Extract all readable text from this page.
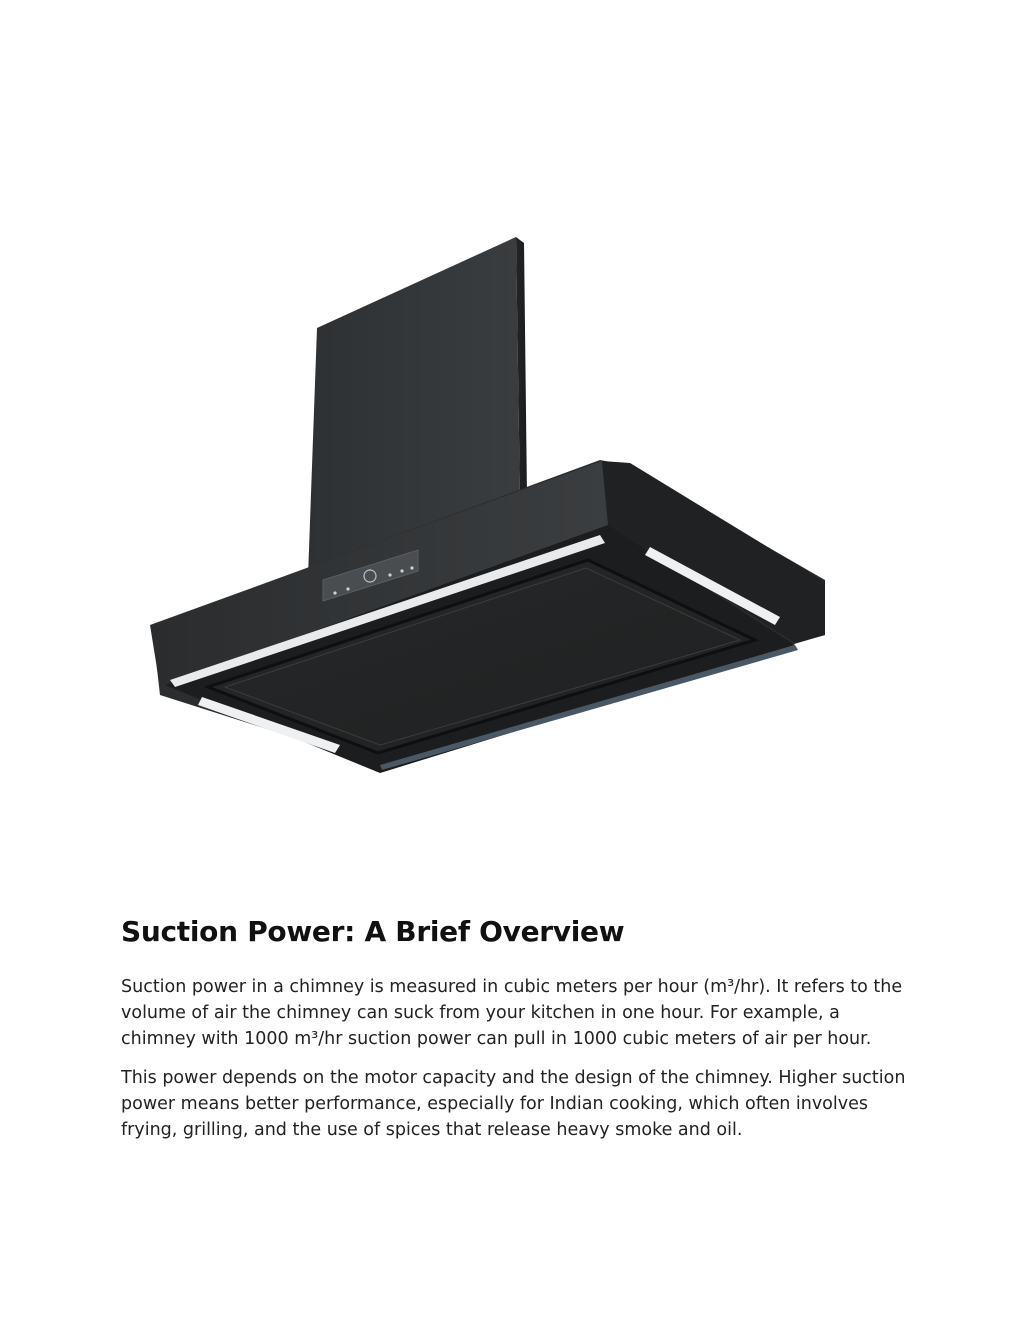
Suction Power: A Brief Overview

Suction power in a chimney is measured in cubic meters per hour (m³/hr). It refers to the volume of air the chimney can suck from your kitchen in one hour. For example, a chimney with 1000 m³/hr suction power can pull in 1000 cubic meters of air per hour.

This power depends on the motor capacity and the design of the chimney. Higher suction power means better performance, especially for Indian cooking, which often involves frying, grilling, and the use of spices that release heavy smoke and oil.
